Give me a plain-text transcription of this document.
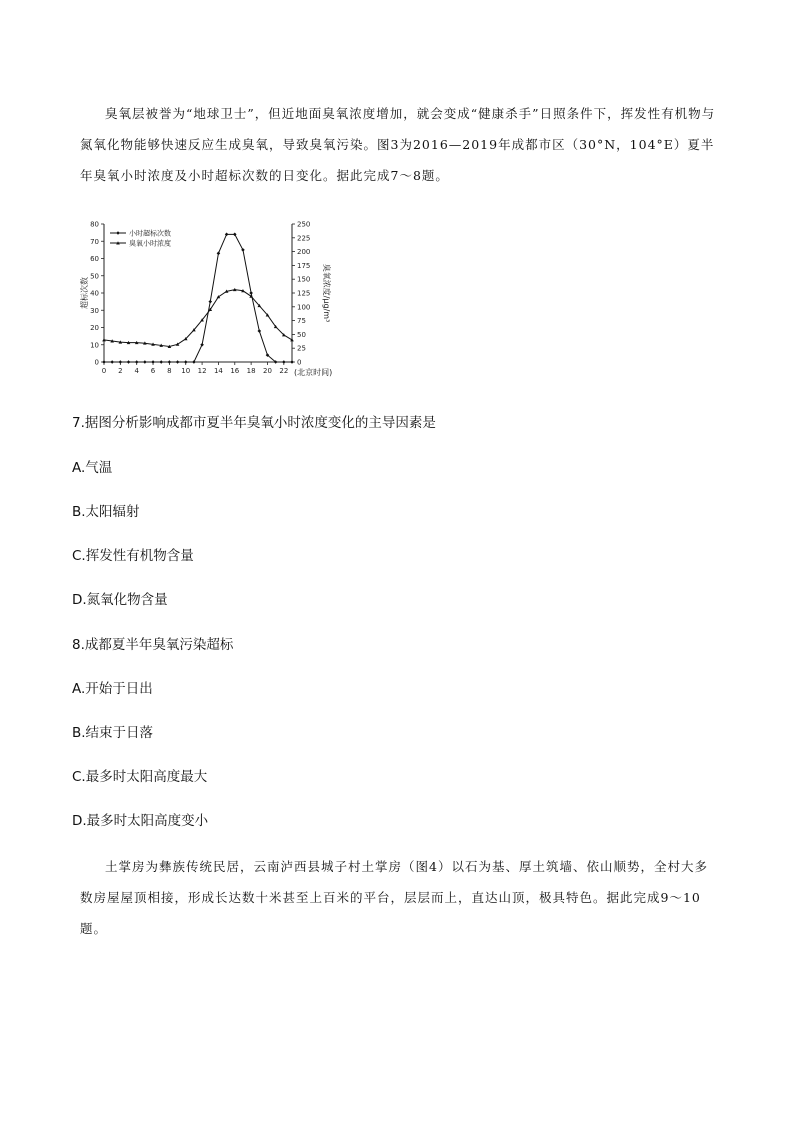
臭氧层被誉为“地球卫士”，但近地面臭氧浓度增加，就会变成“健康杀手”日照条件下，挥发性有机物与氮氧化物能够快速反应生成臭氧，导致臭氧污染。图3为2016—2019年成都市区（30°N，104°E）夏半年臭氧小时浓度及小时超标次数的日变化。据此完成7～8题。

0
10
20
30
40
50
60
70
80
0
25
50
75
100
125
150
175
200
225
250
0 2 4 6 8 10 12 14 16 18 20 22 (北京时间)
超标次数	臭氧浓度/μg/m³
小时超标次数
臭氧小时浓度

7.据图分析影响成都市夏半年臭氧小时浓度变化的主导因素是

A.气温

B.太阳辐射

C.挥发性有机物含量

D.氮氧化物含量

8.成都夏半年臭氧污染超标

A.开始于日出

B.结束于日落

C.最多时太阳高度最大

D.最多时太阳高度变小

土掌房为彝族传统民居，云南泸西县城子村土掌房（图4）以石为基、厚土筑墙、依山顺势，全村大多数房屋屋顶相接，形成长达数十米甚至上百米的平台，层层而上，直达山顶，极具特色。据此完成9～10题。
